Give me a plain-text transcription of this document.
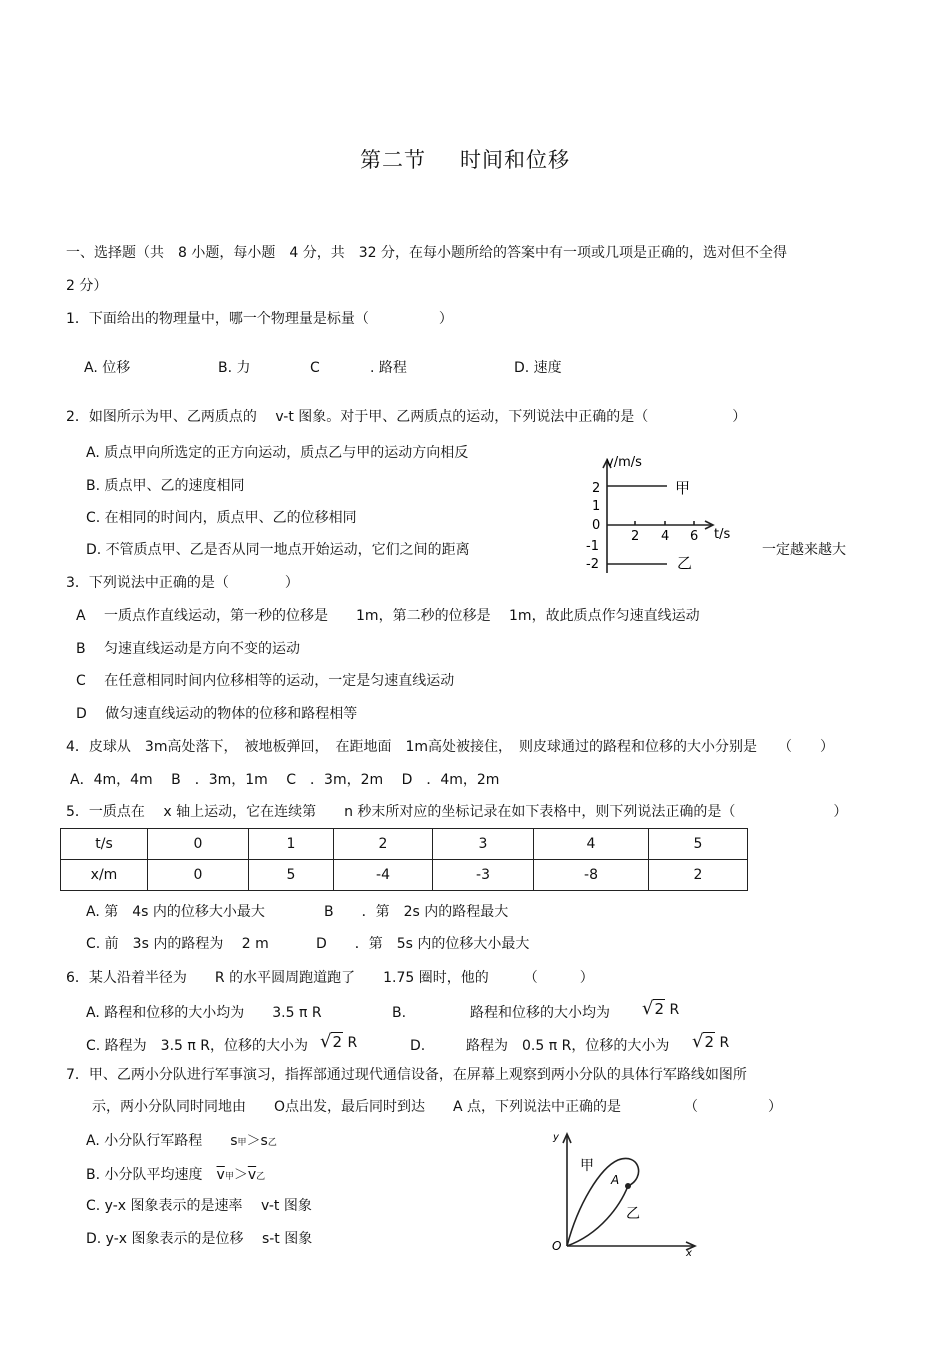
第二节 时间和位移
一、选择题（共　8 小题，每小题　4 分，共　32 分，在每小题所给的答案中有一项或几项是正确的，选对但不全得
2 分）
1．下面给出的物理量中，哪一个物理量是标量（　　　　　）
A. 位移	B. 力	C	. 路程	D. 速度
2．如图所示为甲、乙两质点的　 v-t 图象。对于甲、乙两质点的运动，下列说法中正确的是（　　　　　　）
A. 质点甲向所选定的正方向运动，质点乙与甲的运动方向相反
B. 质点甲、乙的速度相同
C. 在相同的时间内，质点甲、乙的位移相同
D. 不管质点甲、乙是否从同一地点开始运动，它们之间的距离	一定越来越大
v/m/s
t/s
2
1
0
-1
-2
2 4 6
甲
乙
3．下列说法中正确的是（　　　　）
A　 一质点作直线运动，第一秒的位移是　　1m，第二秒的位移是　 1m，故此质点作匀速直线运动
B　 匀速直线运动是方向不变的运动
C　 在任意相同时间内位移相等的运动，一定是匀速直线运动
D　 做匀速直线运动的物体的位移和路程相等
4．皮球从　3m高处落下，　被地板弹回，　在距地面　1m高处被接住，　则皮球通过的路程和位移的大小分别是　　（　　）
A．4m，4m　 B　．3m，1m　 C　．3m，2m　 D　．4m，2m
5．一质点在　 x 轴上运动，它在连续第　　n 秒末所对应的坐标记录在如下表格中，则下列说法正确的是（　　　　　　　）
t/s	0	1	2	3	4	5
x/m	0	5	-4	-3	-8	2
A. 第　4s 内的位移大小最大	B　　．第　2s 内的路程最大
C. 前　3s 内的路程为　 2 m	D　　．第　5s 内的位移大小最大
6．某人沿着半径为　　R 的水平圆周跑道跑了　　1.75 圈时，他的　　　（　　　）
A. 路程和位移的大小均为　　3.5 π R	B.	路程和位移的大小均为 √2 R
C. 路程为　3.5 π R，位移的大小为 √2 R	D.	路程为　0.5 π R，位移的大小为 √2 R
7．甲、乙两小分队进行军事演习，指挥部通过现代通信设备，在屏幕上观察到两小分队的具体行军路线如图所
示，两小分队同时同地由　　O点出发，最后同时到达　　A 点，下列说法中正确的是　　　　　（　　　　　）
A. 小分队行军路程　　s甲＞s乙
B. 小分队平均速度　$\overline{v}$甲$>\overline{v}$乙
C. y-x 图象表示的是速率　 v-t 图象
D. y-x 图象表示的是位移　 s-t 图象
y
x
O
A
甲
乙
